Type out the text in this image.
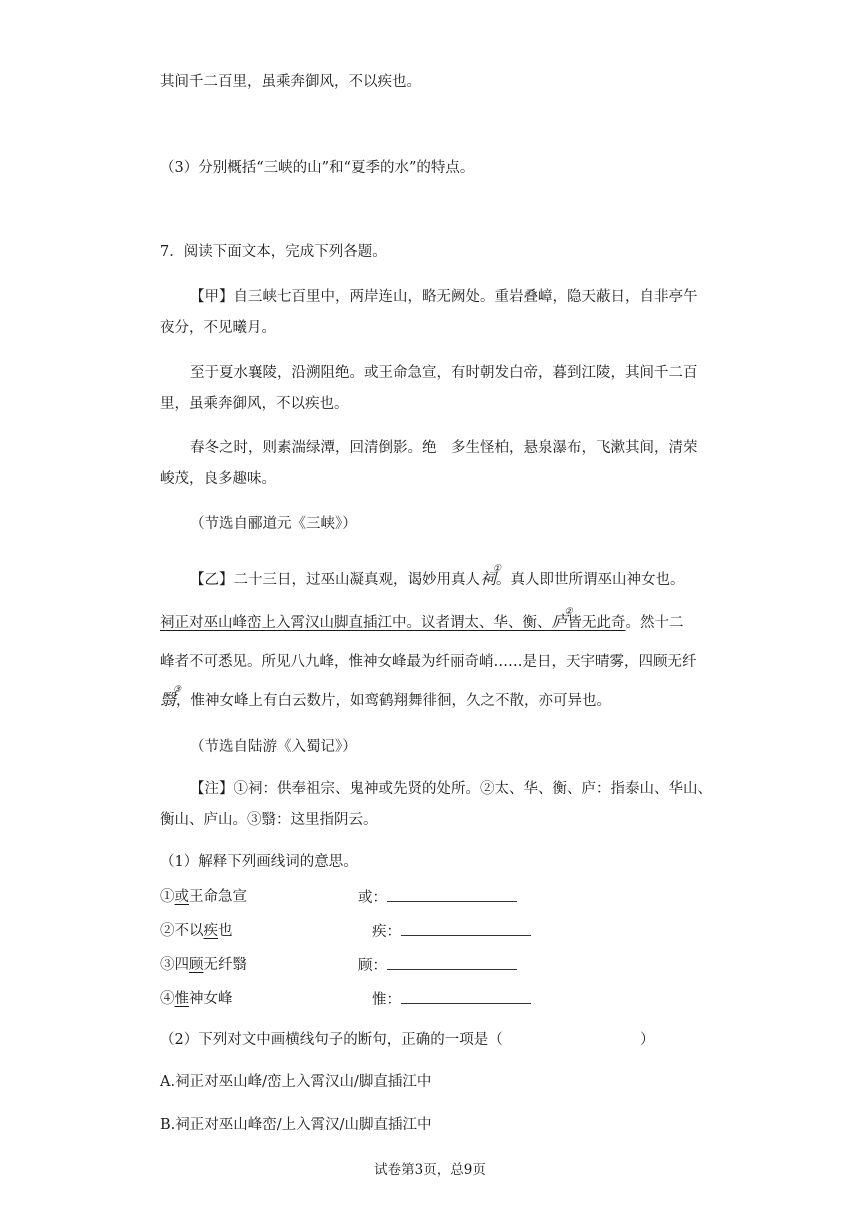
其间千二百里，虽乘奔御风，不以疾也。
（3）分别概括“三峡的山”和“夏季的水”的特点。
7．阅读下面文本，完成下列各题。
【甲】自三峡七百里中，两岸连山，略无阙处。重岩叠嶂，隐天蔽日，自非亭午
夜分，不见曦月。
至于夏水襄陵，沿溯阻绝。或王命急宣，有时朝发白帝，暮到江陵，其间千二百
里，虽乘奔御风，不以疾也。
春冬之时，则素湍绿潭，回清倒影。绝　多生怪柏，悬泉瀑布，飞漱其间，清荣
峻茂，良多趣味。
（节选自郦道元《三峡》）
【乙】二十三日，过巫山凝真观，谒妙用真人祠
①
。真人即世所谓巫山神女也。
祠正对巫山峰峦上入霄汉山脚直插江中。议者谓太、华、衡、庐
②
皆无此奇。然十二
峰者不可悉见。所见八九峰，惟神女峰最为纤丽奇峭……是日，天宇晴雾，四顾无纤
翳
③
，惟神女峰上有白云数片，如鸾鹤翔舞徘徊，久之不散，亦可异也。
（节选自陆游《入蜀记》）
【注】①祠：供奉祖宗、鬼神或先贤的处所。②太、华、衡、庐：指泰山、华山、
衡山、庐山。③翳：这里指阴云。
（1）解释下列画线词的意思。
①或王命急宣	或：
②不以疾也	疾：
③四顾无纤翳	顾：
④惟神女峰	惟：
（2）下列对文中画横线句子的断句，正确的一项是（	）
A.祠正对巫山峰/峦上入霄汉山/脚直插江中
B.祠正对巫山峰峦/上入霄汉/山脚直插江中
试卷第3页，总9页
